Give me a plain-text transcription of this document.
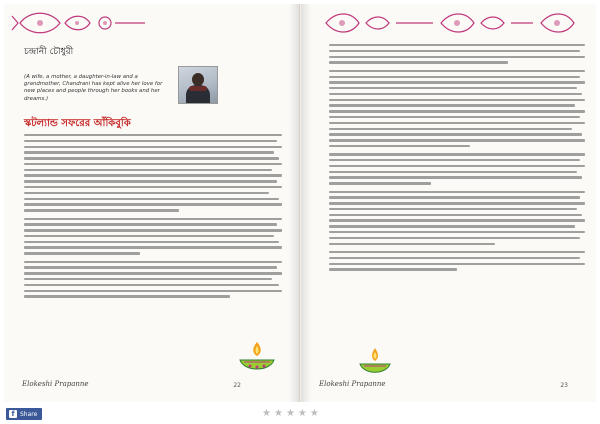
চন্দ্রানী চৌধুরী
(A wife, a mother, a daughter-in-law and a grandmother, Chandrani has kept alive her love for new places and people through her books and her dreams.)
স্কটল্যান্ড সফরের আঁকিবুকি
Elokeshi Prapanne	22	Elokeshi Prapanne	23
f Share	★ ★ ★ ★ ★
